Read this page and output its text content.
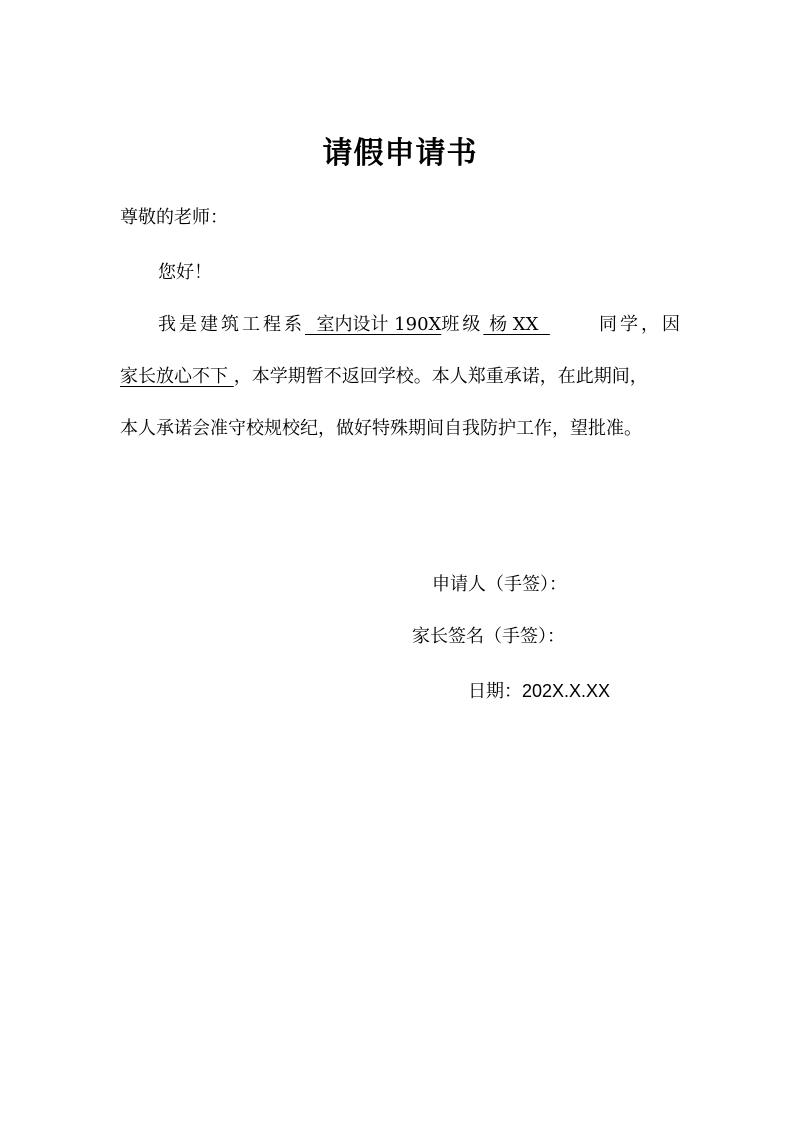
请假申请书
尊敬的老师：
您好！
我是建筑工程系  室内设计 190X班级 杨 XX	同学，因
家长放心不下 ，本学期暂不返回学校。本人郑重承诺，在此期间，
本人承诺会准守校规校纪，做好特殊期间自我防护工作，望批准。
申请人（手签）：
家长签名（手签）：
日期：202X.X.XX
